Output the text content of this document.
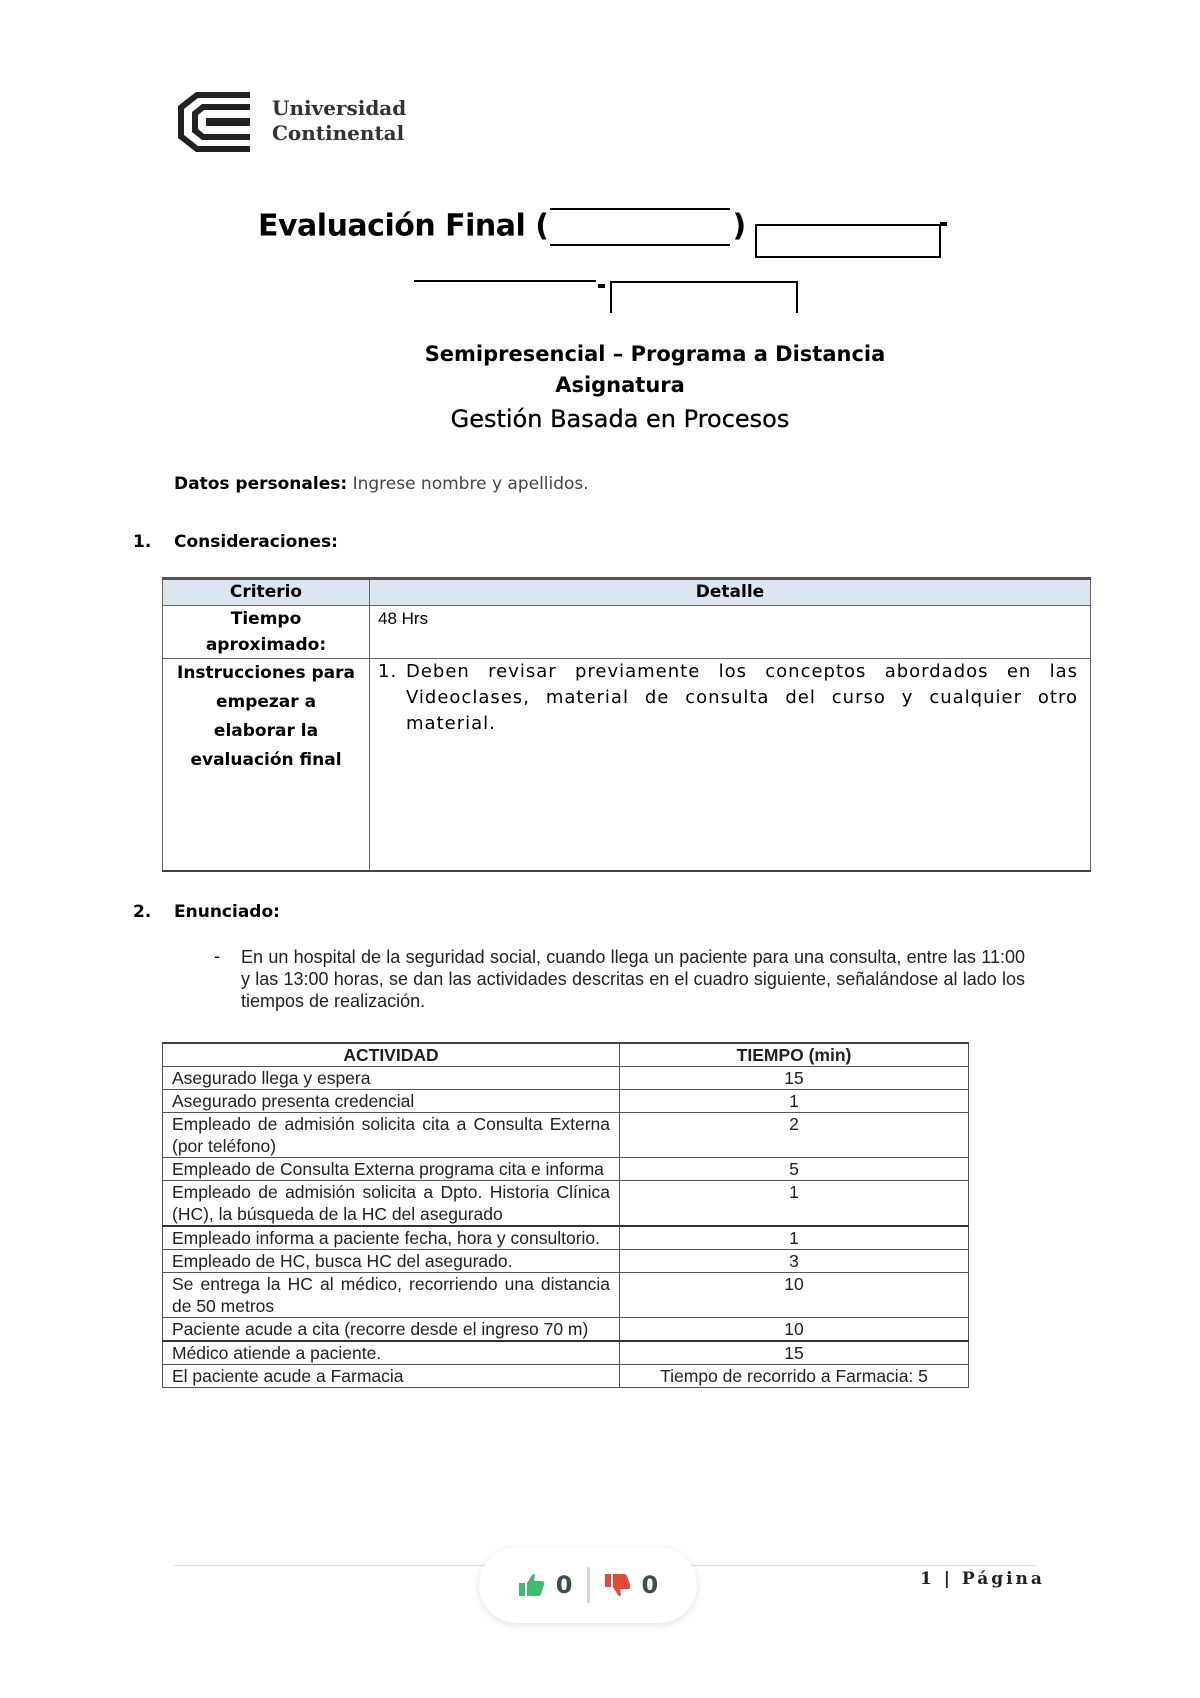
Universidad
Continental
Evaluación Final (	)
Semipresencial – Programa a Distancia
Asignatura
Gestión Basada en Procesos
Datos personales: Ingrese nombre y apellidos.
1. Consideraciones:
Criterio	Detalle
Tiempo aproximado:	48 Hrs
Instrucciones para empezar a elaborar la evaluación final	1. Deben revisar previamente los conceptos abordados en las Videoclases, material de consulta del curso y cualquier otro material.
2. Enunciado:
- En un hospital de la seguridad social, cuando llega un paciente para una consulta, entre las 11:00 y las 13:00 horas, se dan las actividades descritas en el cuadro siguiente, señalándose al lado los tiempos de realización.
ACTIVIDAD	TIEMPO (min)
Asegurado llega y espera	15
Asegurado presenta credencial	1
Empleado de admisión solicita cita a Consulta Externa (por teléfono)	2
Empleado de Consulta Externa programa cita e informa	5
Empleado de admisión solicita a Dpto. Historia Clínica (HC), la búsqueda de la HC del asegurado	1
Empleado informa a paciente fecha, hora y consultorio.	1
Empleado de HC, busca HC del asegurado.	3
Se entrega la HC al médico, recorriendo una distancia de 50 metros	10
Paciente acude a cita (recorre desde el ingreso 70 m)	10
Médico atiende a paciente.	15
El paciente acude a Farmacia	Tiempo de recorrido a Farmacia: 5
1 | Página
0	0
